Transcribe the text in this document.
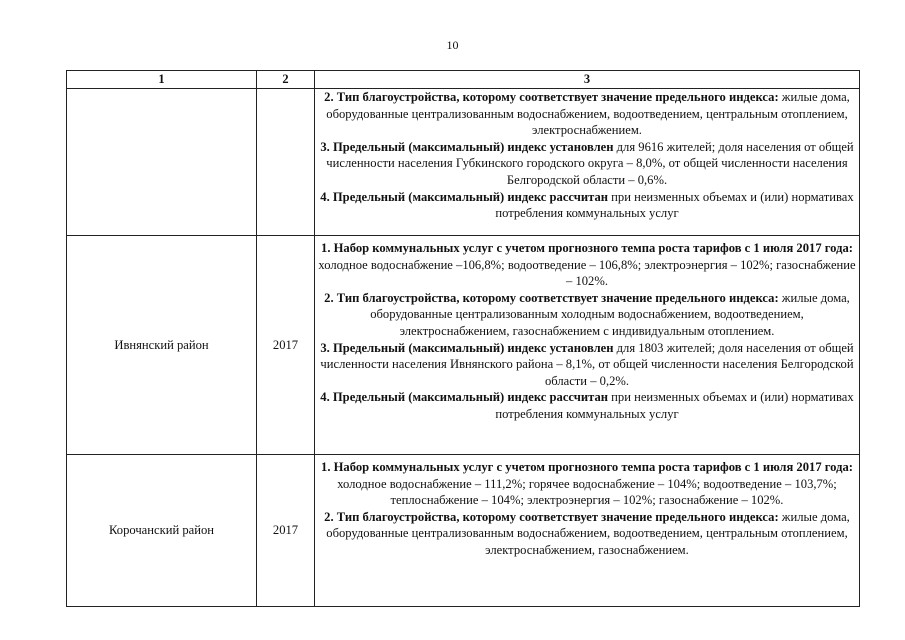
10
1	2	3

		2. Тип благоустройства, которому соответствует значение предельного индекса: жилые дома, оборудованные централизованным водоснабжением, водоотведением, центральным отоплением, электроснабжением.

3. Предельный (максимальный) индекс установлен для 9616 жителей; доля населения от общей численности населения Губкинского городского округа – 8,0%, от общей численности населения Белгородской области – 0,6%.

4. Предельный (максимальный) индекс рассчитан при неизменных объемах и (или) нормативах потребления коммунальных услуг

Ивнянский район	2017	1. Набор коммунальных услуг с учетом прогнозного темпа роста тарифов с 1 июля 2017 года: холодное водоснабжение –106,8%; водоотведение – 106,8%; электроэнергия – 102%; газоснабжение – 102%.

2. Тип благоустройства, которому соответствует значение предельного индекса: жилые дома, оборудованные централизованным холодным водоснабжением, водоотведением, электроснабжением, газоснабжением с индивидуальным отоплением.

3. Предельный (максимальный) индекс установлен для 1803 жителей; доля населения от общей численности населения Ивнянского района – 8,1%, от общей численности населения Белгородской области – 0,2%.

4. Предельный (максимальный) индекс рассчитан при неизменных объемах и (или) нормативах потребления коммунальных услуг

Корочанский район	2017	1. Набор коммунальных услуг с учетом прогнозного темпа роста тарифов с 1 июля 2017 года: холодное водоснабжение – 111,2%; горячее водоснабжение – 104%; водоотведение – 103,7%; теплоснабжение – 104%; электроэнергия – 102%; газоснабжение – 102%.

2. Тип благоустройства, которому соответствует значение предельного индекса: жилые дома, оборудованные централизованным водоснабжением, водоотведением, центральным отоплением, электроснабжением, газоснабжением.
